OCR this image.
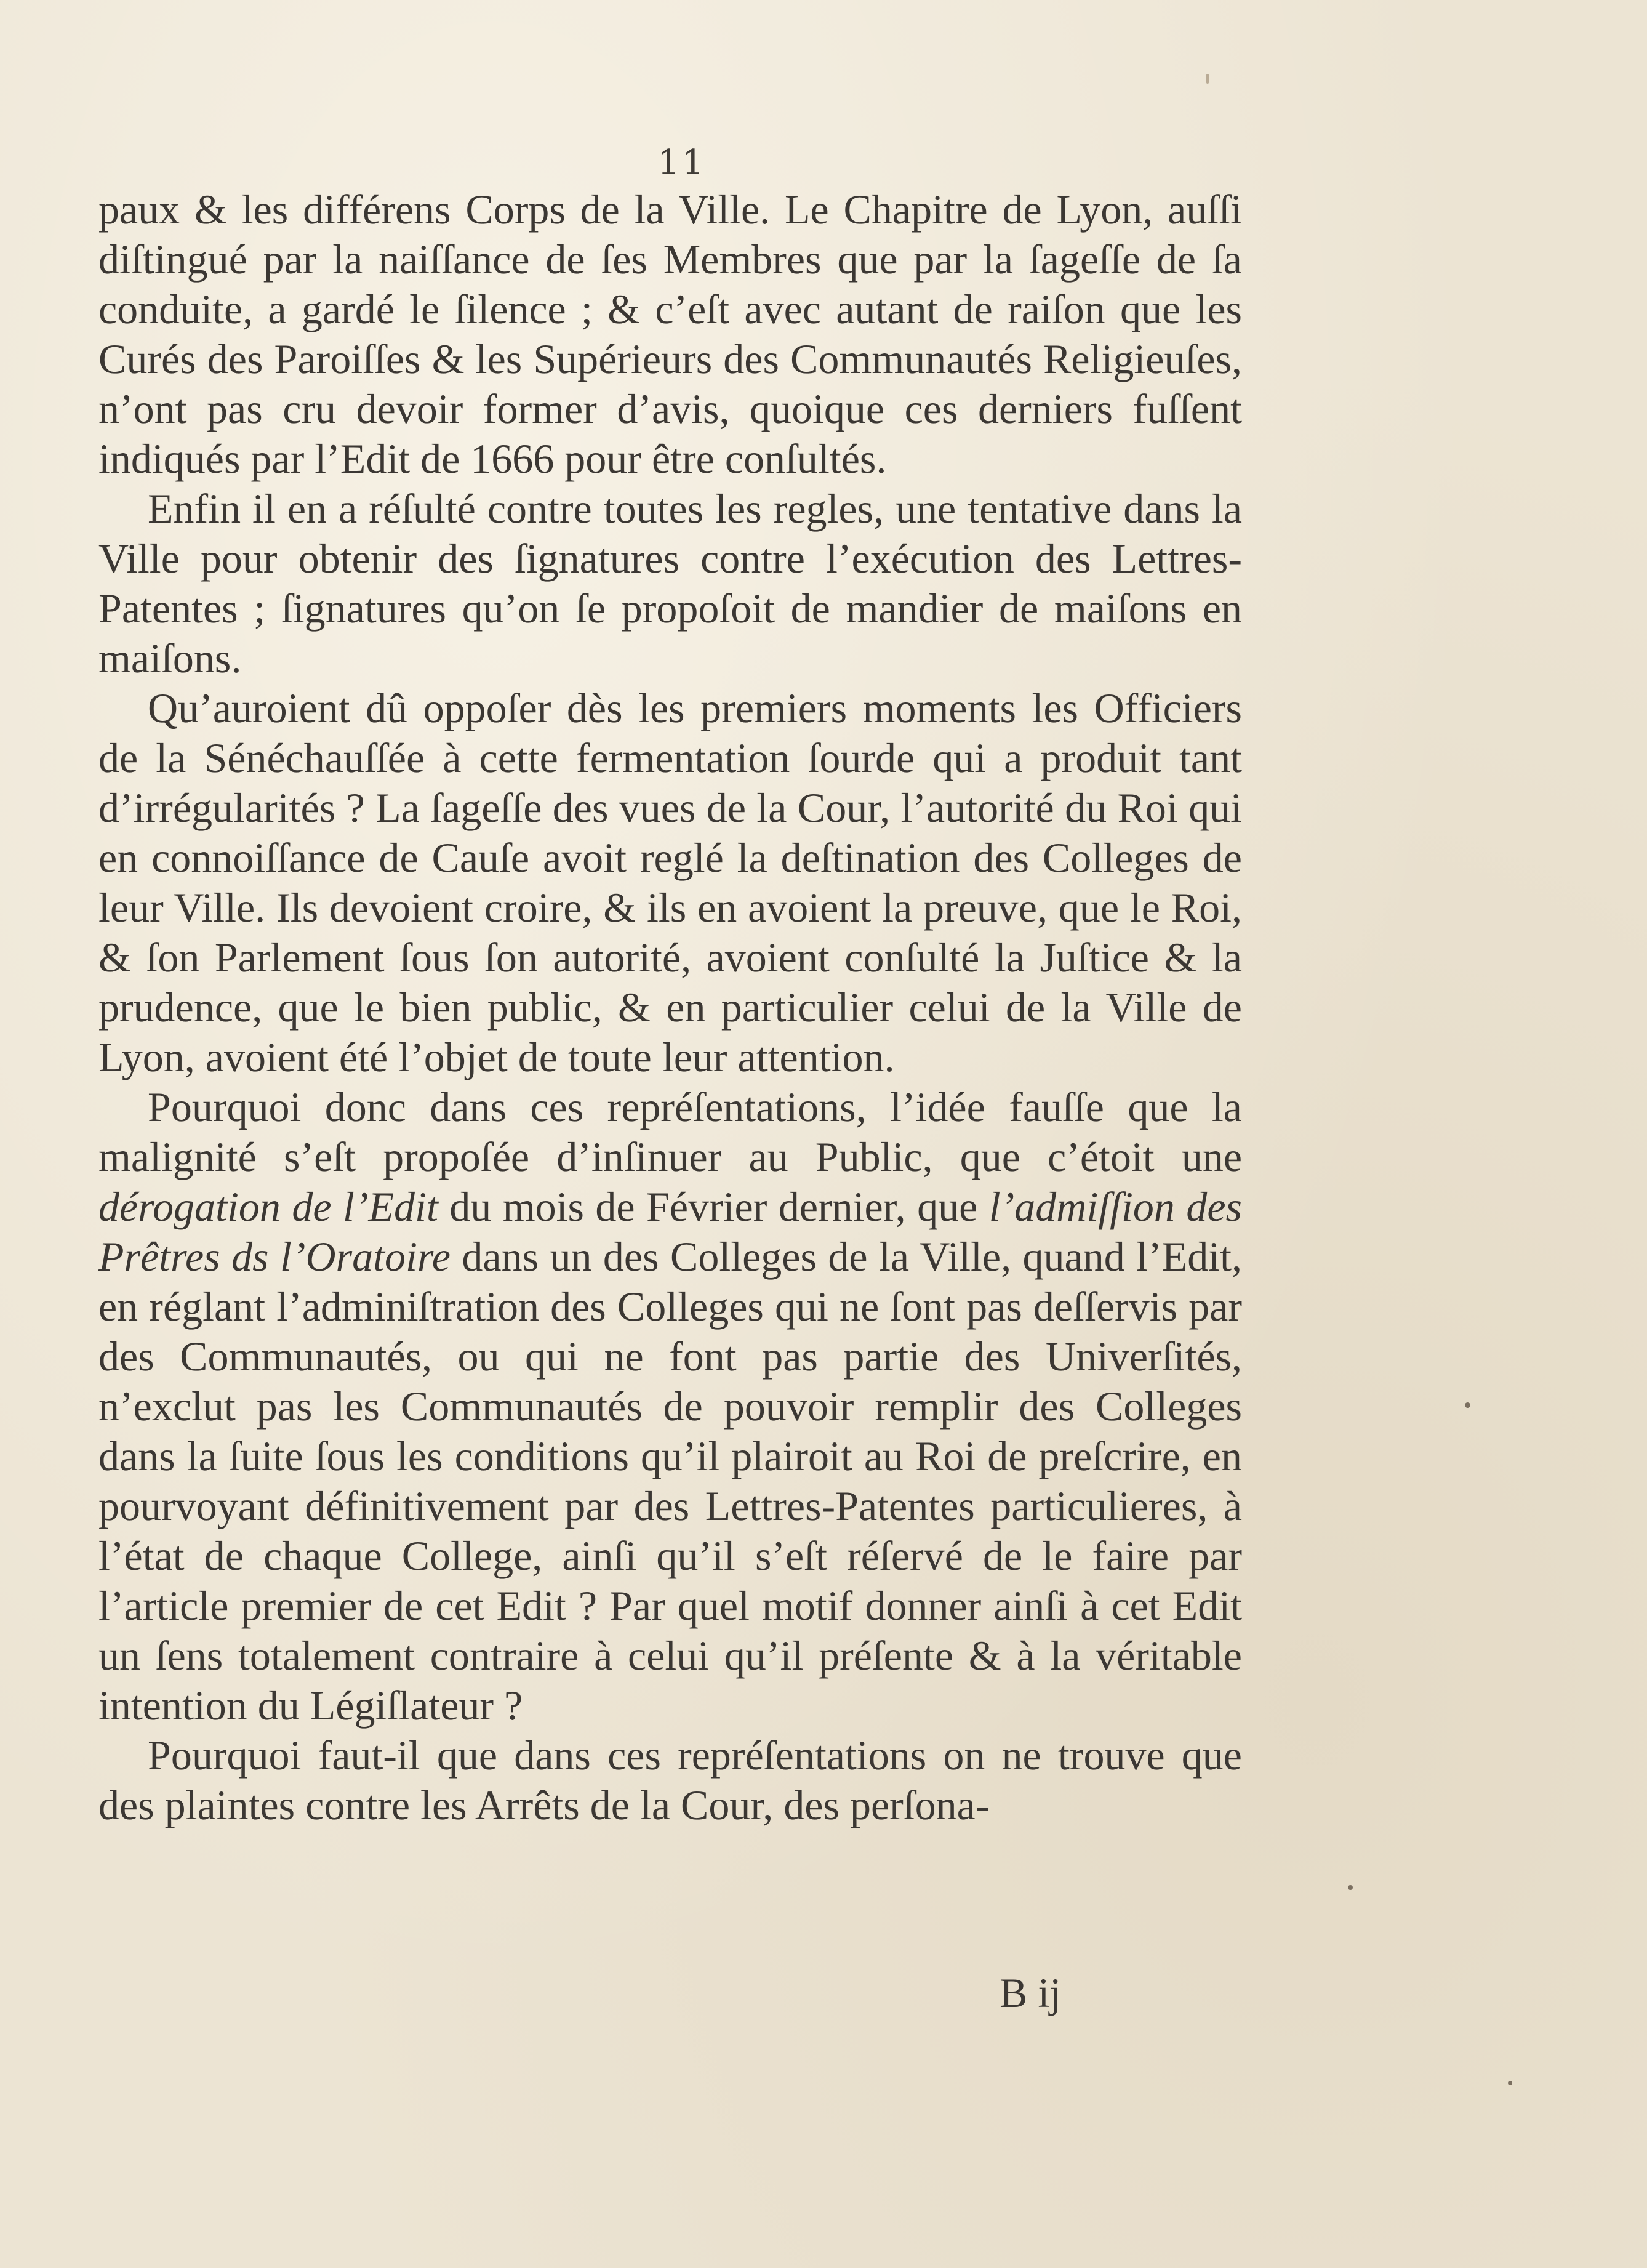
11

paux & les différens Corps de la Ville. Le Chapitre de Lyon, auſſi diſtingué par la naiſſance de ſes Membres que par la ſageſſe de ſa conduite, a gardé le ſilence ; & c’eſt avec autant de raiſon que les Curés des Paroiſſes & les Supérieurs des Communautés Religieuſes, n’ont pas cru devoir former d’avis, quoique ces derniers fuſſent indiqués par l’Edit de 1666 pour être conſultés.

Enfin il en a réſulté contre toutes les regles, une tentative dans la Ville pour obtenir des ſignatures contre l’exécution des Lettres-Patentes ; ſignatures qu’on ſe propoſoit de mandier de maiſons en maiſons.

Qu’auroient dû oppoſer dès les premiers moments les Officiers de la Sénéchauſſée à cette fermentation ſourde qui a produit tant d’irrégularités ? La ſageſſe des vues de la Cour, l’autorité du Roi qui en connoiſſance de Cauſe avoit reglé la deſtination des Colleges de leur Ville. Ils devoient croire, & ils en avoient la preuve, que le Roi, & ſon Parlement ſous ſon autorité, avoient conſulté la Juſtice & la prudence, que le bien public, & en particulier celui de la Ville de Lyon, avoient été l’objet de toute leur attention.

Pourquoi donc dans ces repréſentations, l’idée fauſſe que la malignité s’eſt propoſée d’inſinuer au Public, que c’étoit une dérogation de l’Edit du mois de Février dernier, que l’admiſſion des Prêtres ds l’Oratoire dans un des Colleges de la Ville, quand l’Edit, en réglant l’adminiſtration des Colleges qui ne ſont pas deſſervis par des Communautés, ou qui ne font pas partie des Univerſités, n’exclut pas les Communautés de pouvoir remplir des Colleges dans la ſuite ſous les conditions qu’il plairoit au Roi de preſcrire, en pourvoyant définitivement par des Lettres-Patentes particulieres, à l’état de chaque College, ainſi qu’il s’eſt réſervé de le faire par l’article premier de cet Edit ? Par quel motif donner ainſi à cet Edit un ſens totalement contraire à celui qu’il préſente & à la véritable intention du Légiſlateur ?

Pourquoi faut-il que dans ces repréſentations on ne trouve que des plaintes contre les Arrêts de la Cour, des perſona-

B ij
